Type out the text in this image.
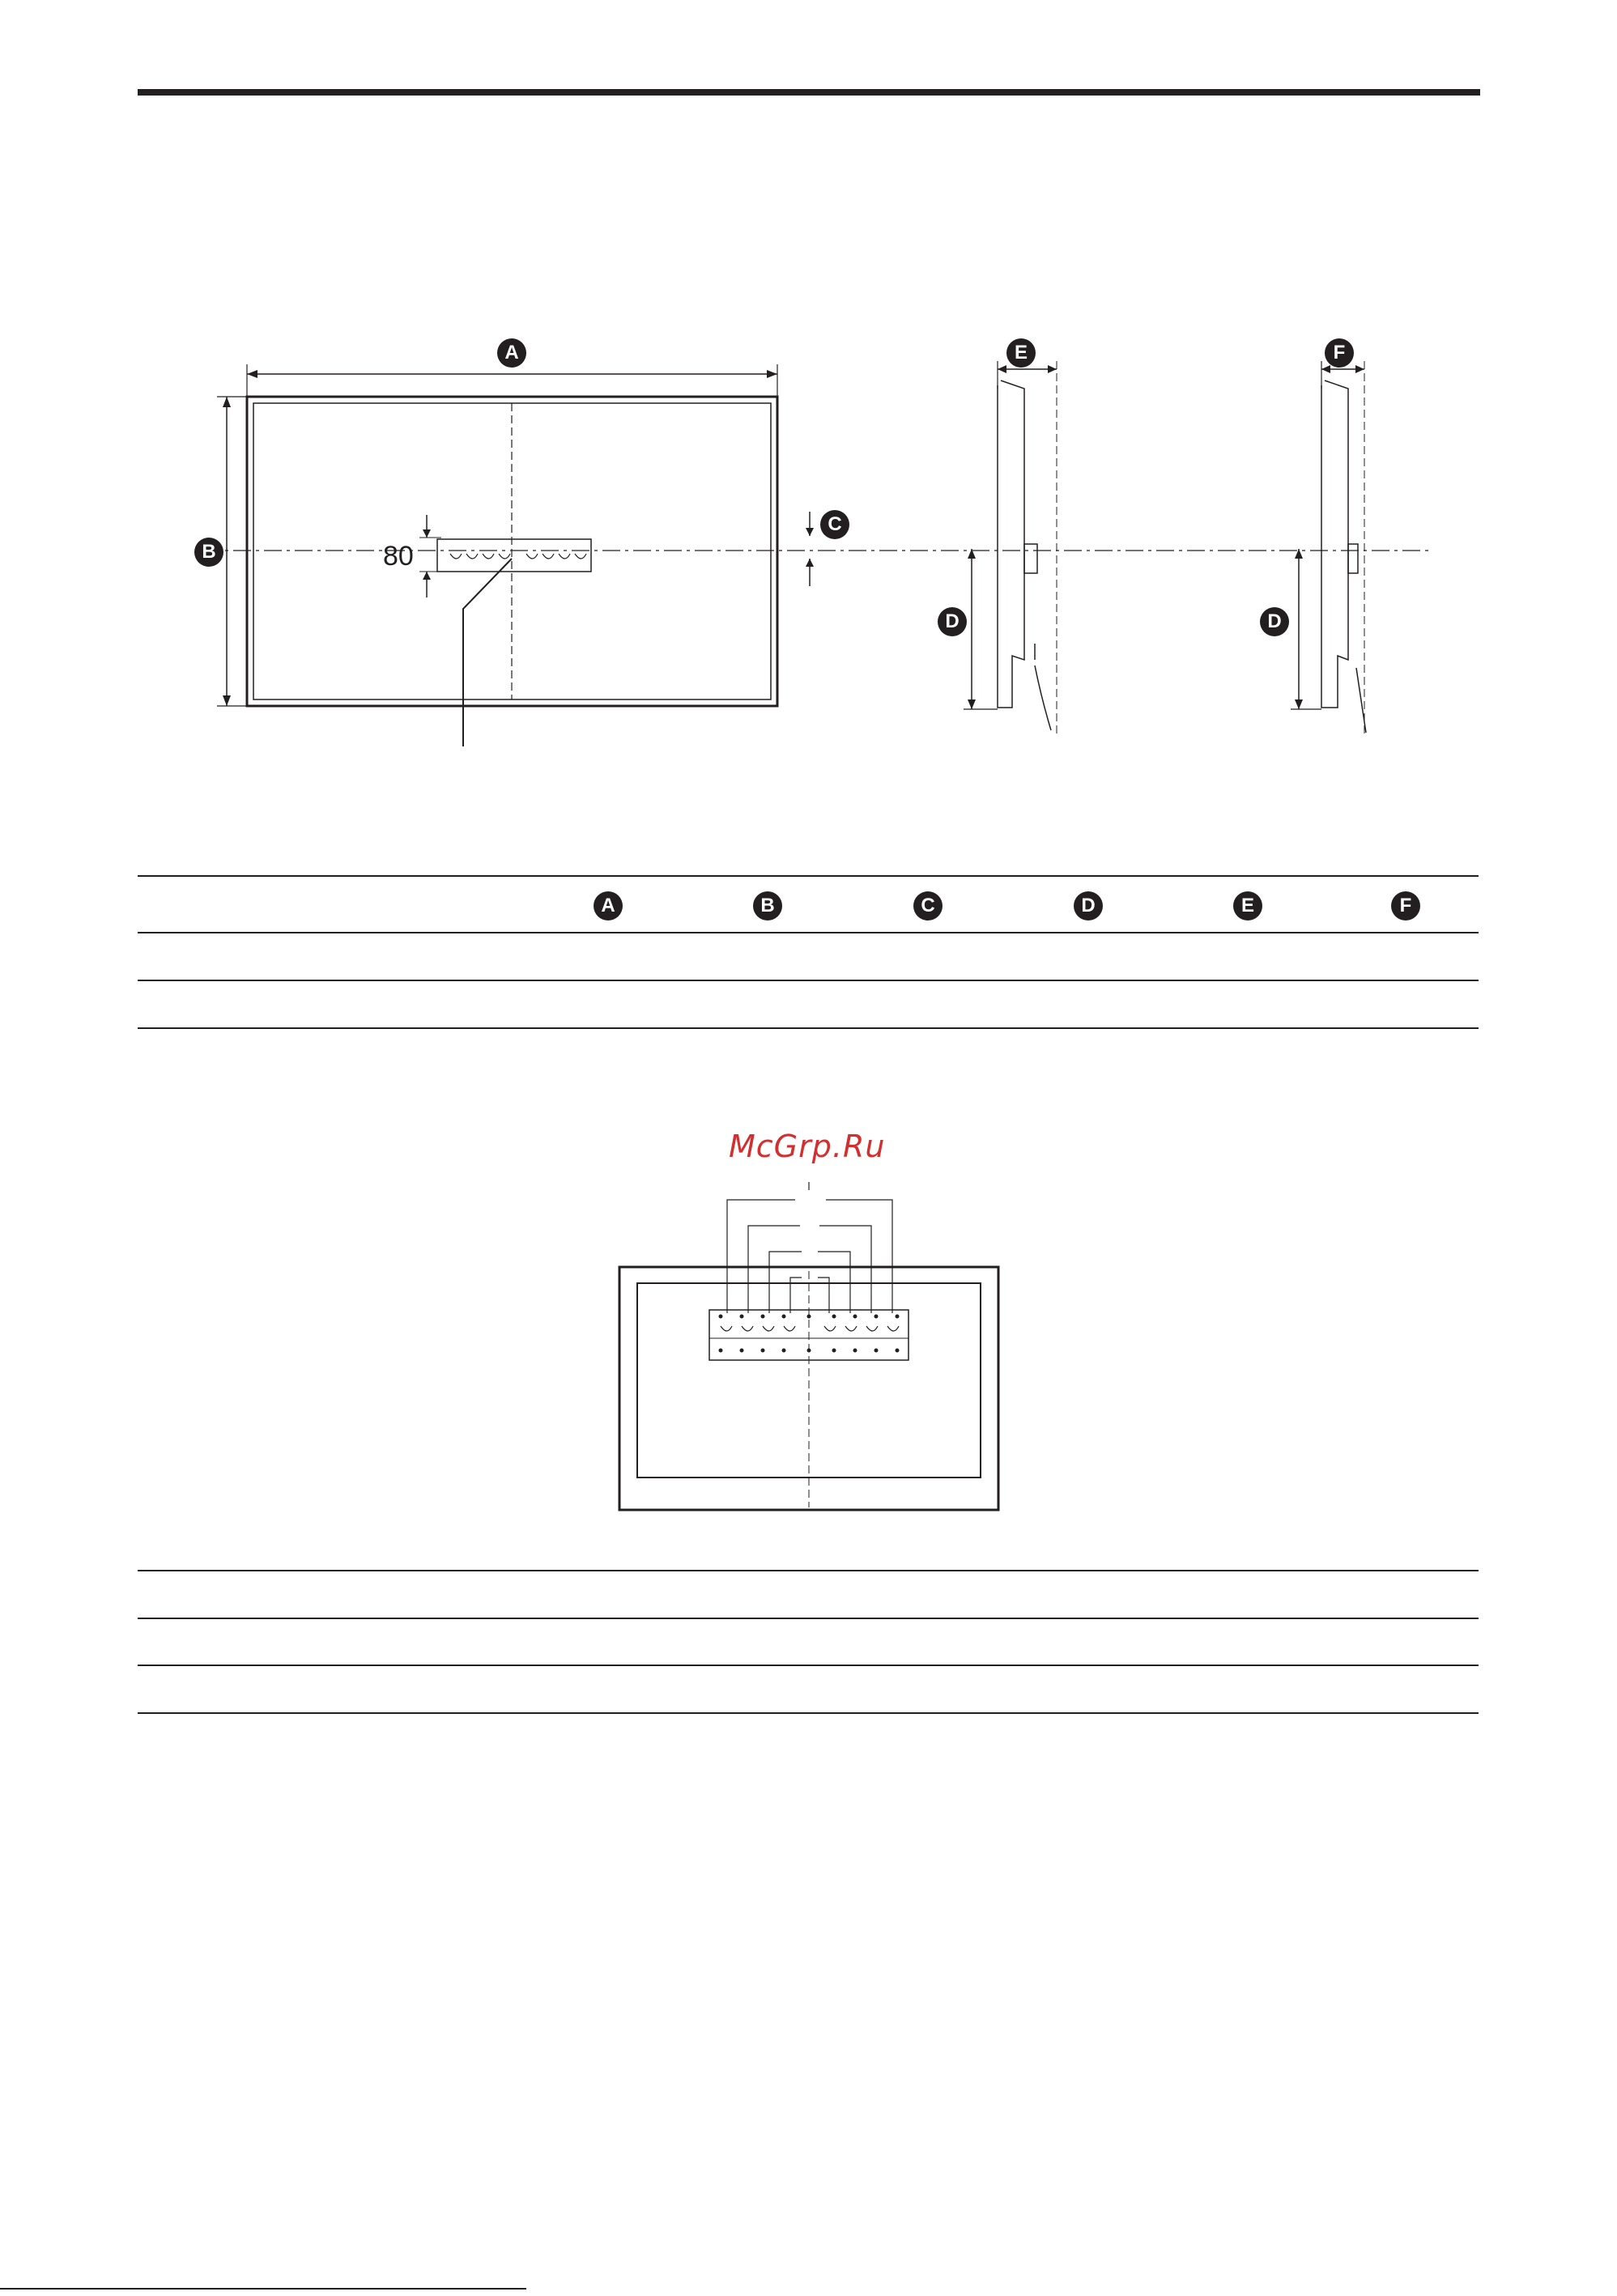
80
A
B
C
D
E	F
D
A	B	C	D	E	F
McGrp.Ru
